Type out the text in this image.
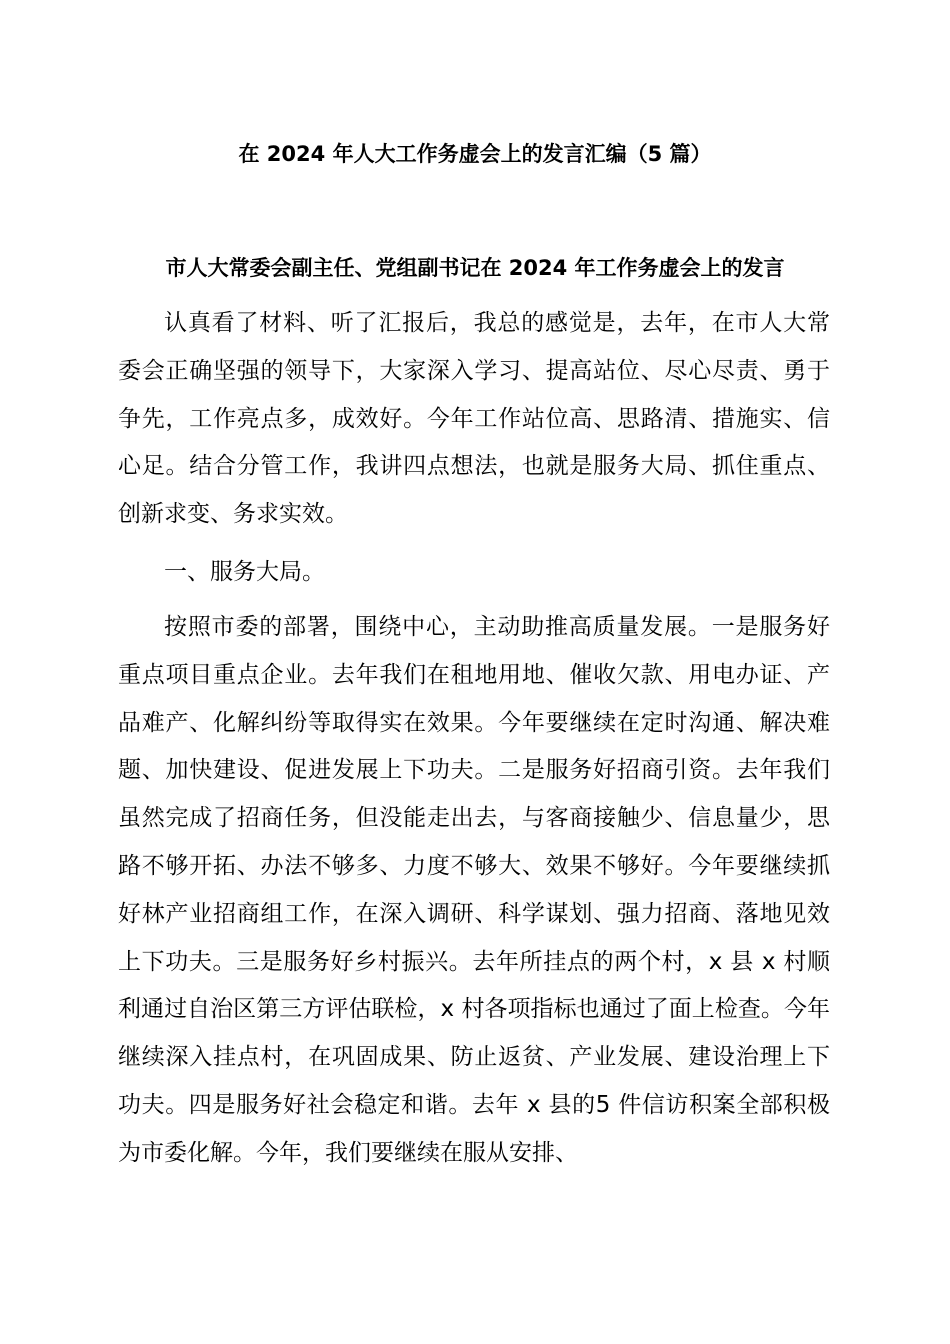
在 2024 年人大工作务虚会上的发言汇编（5 篇）
市人大常委会副主任、党组副书记在 2024 年工作务虚会上的发言

认真看了材料、听了汇报后，我总的感觉是，去年，在市人大常委会正确坚强的领导下，大家深入学习、提高站位、尽心尽责、勇于争先，工作亮点多，成效好。今年工作站位高、思路清、措施实、信心足。结合分管工作，我讲四点想法，也就是服务大局、抓住重点、创新求变、务求实效。

一、服务大局。

按照市委的部署，围绕中心，主动助推高质量发展。一是服务好重点项目重点企业。去年我们在租地用地、催收欠款、用电办证、产品难产、化解纠纷等取得实在效果。今年要继续在定时沟通、解决难题、加快建设、促进发展上下功夫。二是服务好招商引资。去年我们虽然完成了招商任务，但没能走出去，与客商接触少、信息量少，思路不够开拓、办法不够多、力度不够大、效果不够好。今年要继续抓好林产业招商组工作，在深入调研、科学谋划、强力招商、落地见效上下功夫。三是服务好乡村振兴。去年所挂点的两个村，x 县 x 村顺利通过自治区第三方评估联检，x 村各项指标也通过了面上检查。今年继续深入挂点村，在巩固成果、防止返贫、产业发展、建设治理上下功夫。四是服务好社会稳定和谐。去年 x 县的5 件信访积案全部积极为市委化解。今年，我们要继续在服从安排、
